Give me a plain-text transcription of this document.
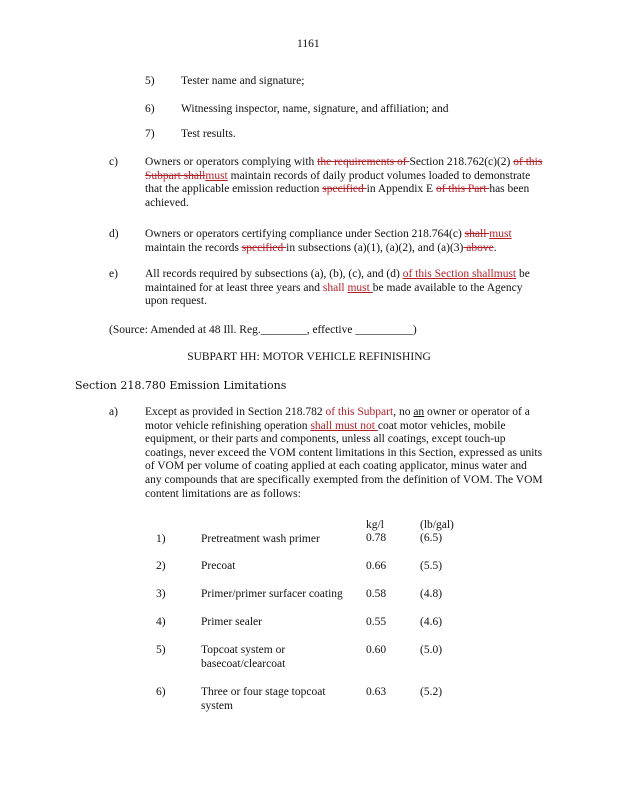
1161
5) Tester name and signature;
6) Witnessing inspector, name, signature, and affiliation; and
7) Test results.
c) Owners or operators complying with the requirements of Section 218.762(c)(2) of this Subpart shallmust maintain records of daily product volumes loaded to demonstrate that the applicable emission reduction specified in Appendix E of this Part has been achieved.
d) Owners or operators certifying compliance under Section 218.764(c) shall must maintain the records specified in subsections (a)(1), (a)(2), and (a)(3) above.
e) All records required by subsections (a), (b), (c), and (d) of this Section shallmust be maintained for at least three years and shall must be made available to the Agency upon request.
(Source: Amended at 48 Ill. Reg.________, effective __________)
SUBPART HH: MOTOR VEHICLE REFINISHING
Section 218.780 Emission Limitations
a) Except as provided in Section 218.782 of this Subpart, no an owner or operator of a motor vehicle refinishing operation shall must not coat motor vehicles, mobile equipment, or their parts and components, unless all coatings, except touch-up coatings, never exceed the VOM content limitations in this Section, expressed as units of VOM per volume of coating applied at each coating applicator, minus water and any compounds that are specifically exempted from the definition of VOM. The VOM content limitations are as follows:
kg/l	(lb/gal)
1)	Pretreatment wash primer	0.78	(6.5)
2)	Precoat	0.66	(5.5)
3)	Primer/primer surfacer coating	0.58	(4.8)
4)	Primer sealer	0.55	(4.6)
5)	Topcoat system or basecoat/clearcoat
0.60	(5.0)
6)	Three or four stage topcoat system
0.63	(5.2)
